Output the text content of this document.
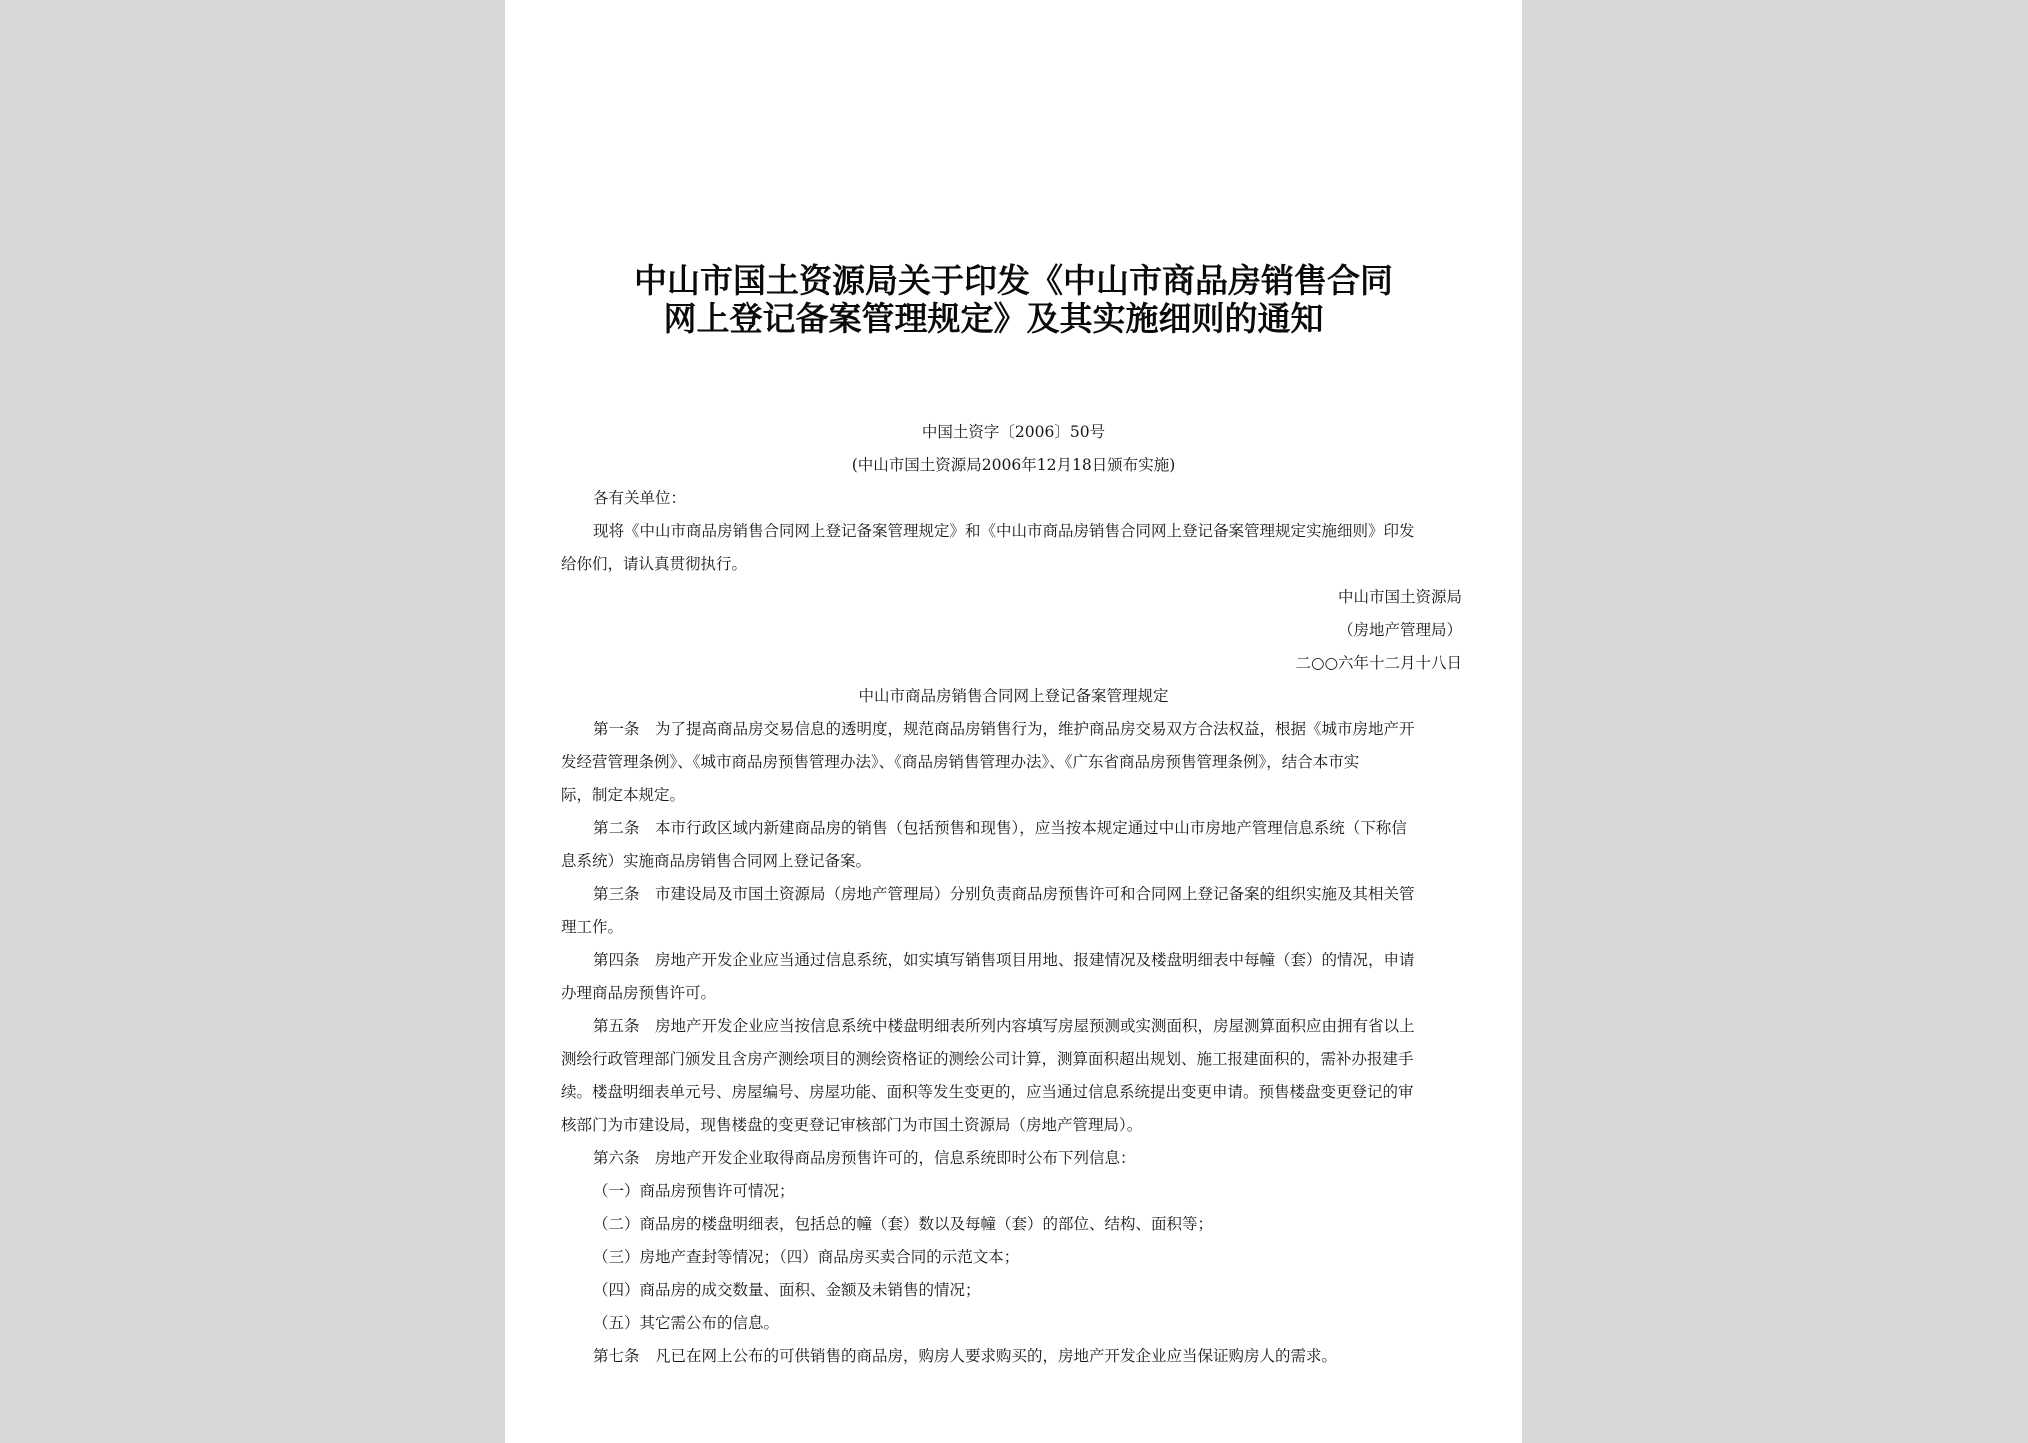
中山市国土资源局关于印发《中山市商品房销售合同
网上登记备案管理规定》及其实施细则的通知
中国土资字〔2006〕50号
(中山市国土资源局2006年12月18日颁布实施)
各有关单位：
现将《中山市商品房销售合同网上登记备案管理规定》和《中山市商品房销售合同网上登记备案管理规定实施细则》印发
给你们，请认真贯彻执行。
中山市国土资源局
（房地产管理局）
二○○六年十二月十八日
中山市商品房销售合同网上登记备案管理规定
第一条　为了提高商品房交易信息的透明度，规范商品房销售行为，维护商品房交易双方合法权益，根据《城市房地产开
发经营管理条例》、《城市商品房预售管理办法》、《商品房销售管理办法》、《广东省商品房预售管理条例》，结合本市实
际，制定本规定。
第二条　本市行政区域内新建商品房的销售（包括预售和现售），应当按本规定通过中山市房地产管理信息系统（下称信
息系统）实施商品房销售合同网上登记备案。
第三条　市建设局及市国土资源局（房地产管理局）分别负责商品房预售许可和合同网上登记备案的组织实施及其相关管
理工作。
第四条　房地产开发企业应当通过信息系统，如实填写销售项目用地、报建情况及楼盘明细表中每幢（套）的情况，申请
办理商品房预售许可。
第五条　房地产开发企业应当按信息系统中楼盘明细表所列内容填写房屋预测或实测面积，房屋测算面积应由拥有省以上
测绘行政管理部门颁发且含房产测绘项目的测绘资格证的测绘公司计算，测算面积超出规划、施工报建面积的，需补办报建手
续。楼盘明细表单元号、房屋编号、房屋功能、面积等发生变更的，应当通过信息系统提出变更申请。预售楼盘变更登记的审
核部门为市建设局，现售楼盘的变更登记审核部门为市国土资源局（房地产管理局）。
第六条　房地产开发企业取得商品房预售许可的，信息系统即时公布下列信息：
（一）商品房预售许可情况；
（二）商品房的楼盘明细表，包括总的幢（套）数以及每幢（套）的部位、结构、面积等；
（三）房地产查封等情况；（四）商品房买卖合同的示范文本；
（四）商品房的成交数量、面积、金额及未销售的情况；
（五）其它需公布的信息。
第七条　凡已在网上公布的可供销售的商品房，购房人要求购买的，房地产开发企业应当保证购房人的需求。
